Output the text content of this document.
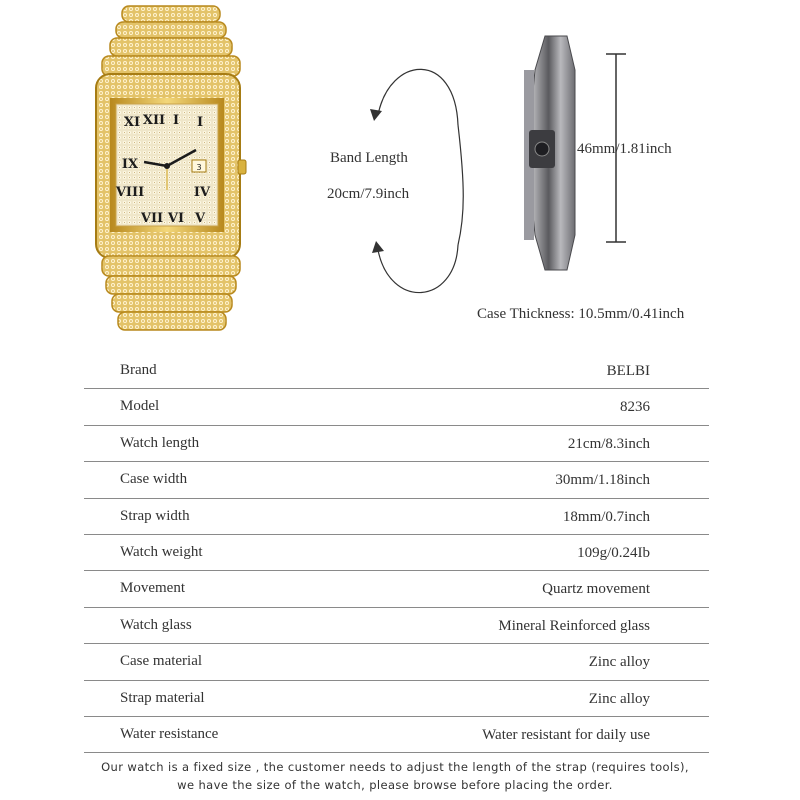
XI XII I I
IX
VIII
VII VI V
IV
3
Band Length
20cm/7.9inch
46mm/1.81inch
Case Thickness: 10.5mm/0.41inch
Brand	BELBI
Model	8236
Watch length	21cm/8.3inch
Case width	30mm/1.18inch
Strap width	18mm/0.7inch
Watch weight	109g/0.24Ib
Movement	Quartz movement
Watch glass	Mineral Reinforced glass
Case material	Zinc alloy
Strap material	Zinc alloy
Water resistance	Water resistant for daily use
Our watch is a fixed size , the customer needs to adjust the length of the strap (requires tools),
we have the size of the watch, please browse before placing the order.
